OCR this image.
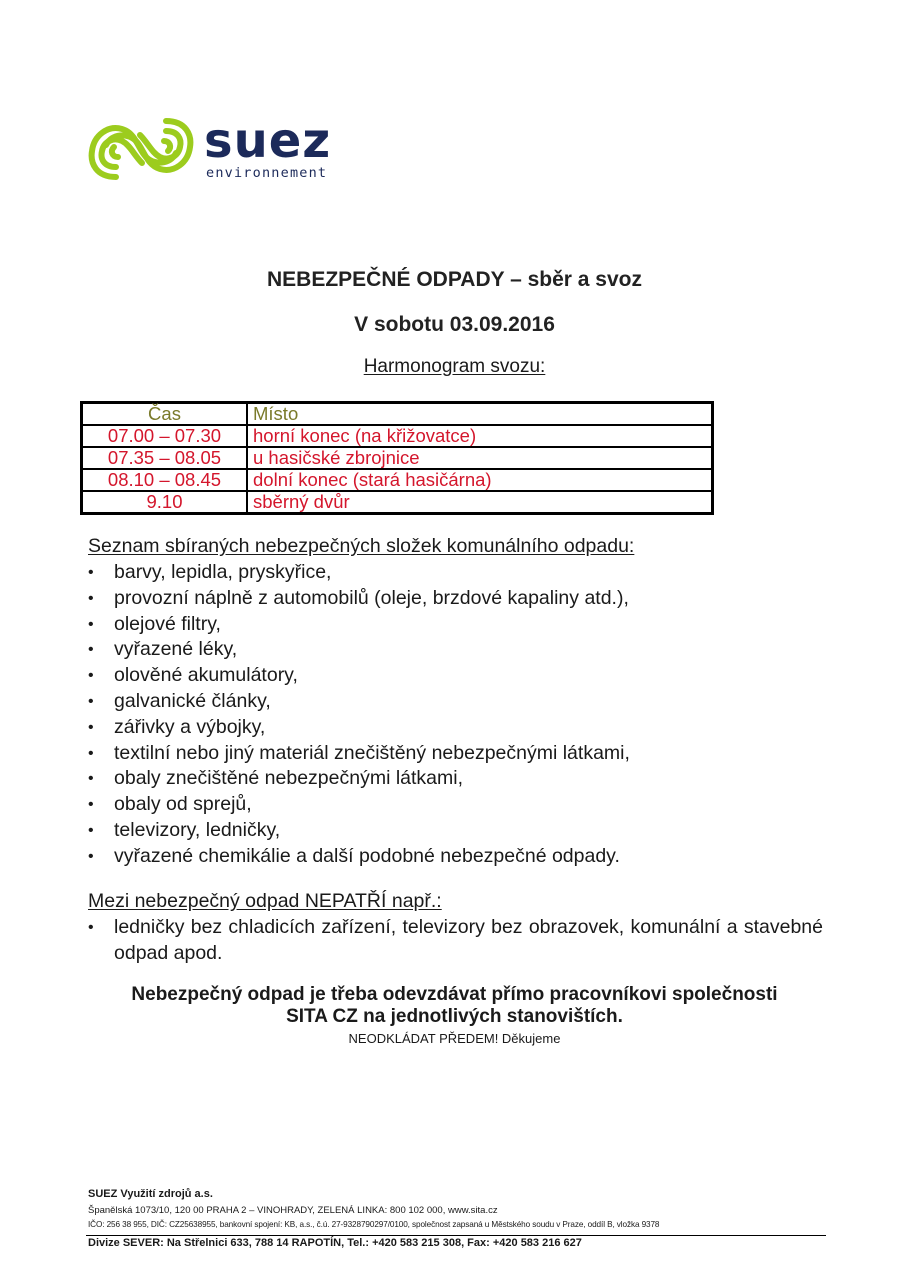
suez
environnement
NEBEZPEČNÉ ODPADY – sběr a svoz
V sobotu 03.09.2016
Harmonogram svozu:
Čas	Místo
07.00 – 07.30	horní konec (na křižovatce)
07.35 – 08.05	u hasičské zbrojnice
08.10 – 08.45	dolní konec (stará hasičárna)
9.10	sběrný dvůr
Seznam sbíraných nebezpečných složek komunálního odpadu:
• barvy, lepidla, pryskyřice,
• provozní náplně z automobilů (oleje, brzdové kapaliny atd.),
• olejové filtry,
• vyřazené léky,
• olověné akumulátory,
• galvanické články,
• zářivky a výbojky,
• textilní nebo jiný materiál znečištěný nebezpečnými látkami,
• obaly znečištěné nebezpečnými látkami,
• obaly od sprejů,
• televizory, ledničky,
• vyřazené chemikálie a další podobné nebezpečné odpady.
Mezi nebezpečný odpad NEPATŘÍ např.:
• ledničky bez chladicích zařízení, televizory bez obrazovek, komunální a stavebné odpad apod.
Nebezpečný odpad je třeba odevzdávat přímo pracovníkovi společnosti
SITA CZ na jednotlivých stanovištích.
NEODKLÁDAT PŘEDEM! Děkujeme
SUEZ Využití zdrojů a.s.
Španělská 1073/10, 120 00 PRAHA 2 – VINOHRADY, ZELENÁ LINKA: 800 102 000, www.sita.cz
IČO: 256 38 955, DIČ: CZ25638955, bankovní spojení: KB, a.s., č.ú. 27-9328790297/0100, společnost zapsaná u Městského soudu v Praze, oddíl B, vložka 9378
Divize SEVER: Na Střelnici 633, 788 14 RAPOTÍN, Tel.: +420 583 215 308, Fax: +420 583 216 627
